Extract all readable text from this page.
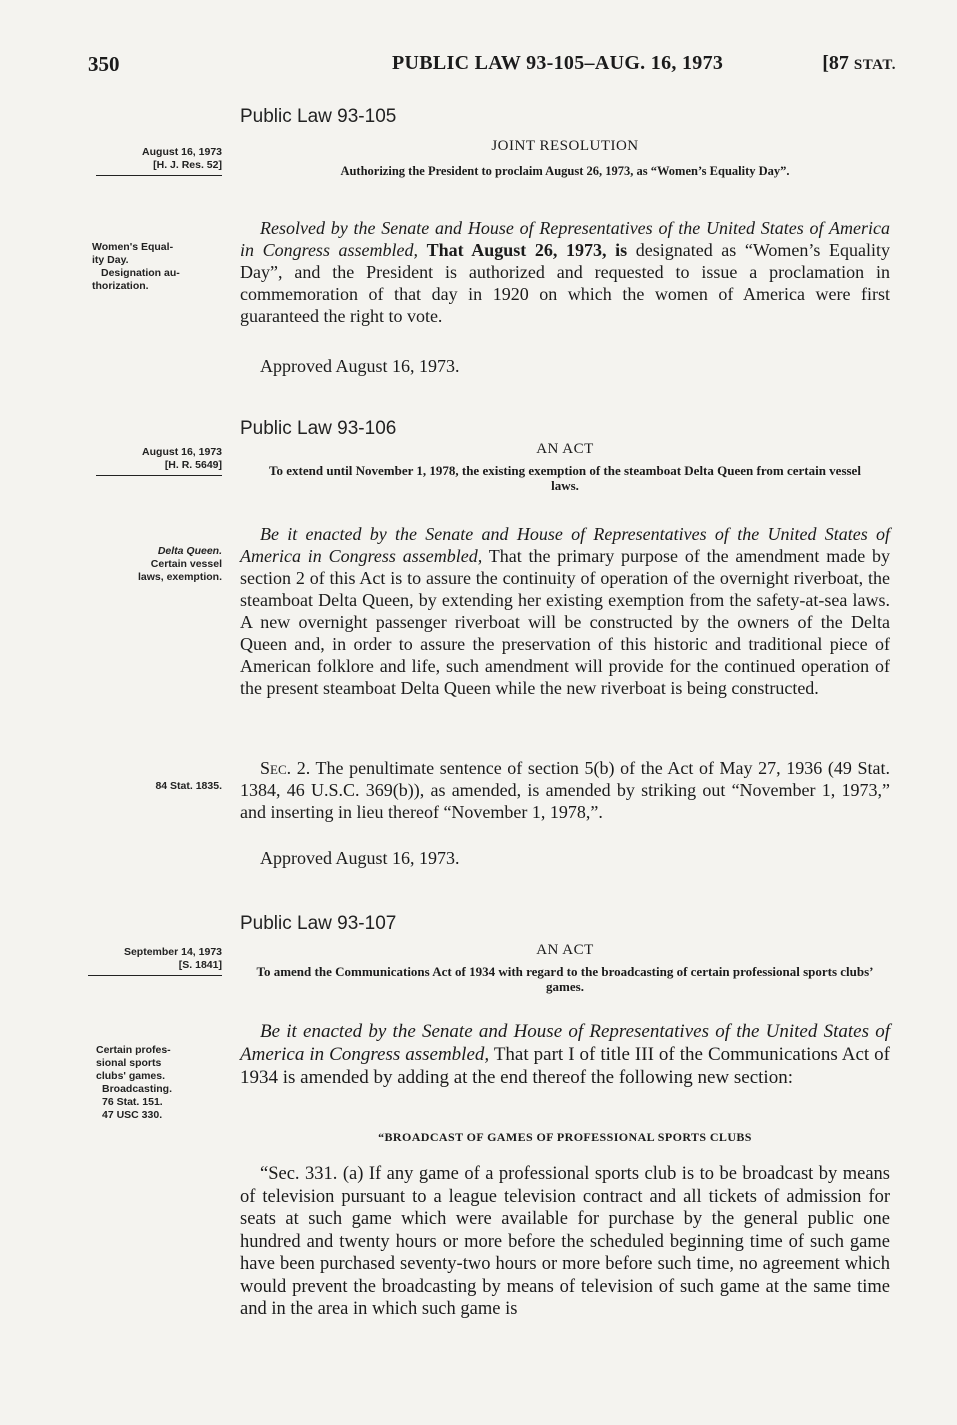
350	PUBLIC LAW 93-105–AUG. 16, 1973	[87 STAT.
Public Law 93-105
August 16, 1973
[H. J. Res. 52]
JOINT RESOLUTION
Authorizing the President to proclaim August 26, 1973, as “Women’s Equality Day”.
Women's Equal-
ity Day.
Designation au-
thorization.
Resolved by the Senate and House of Representatives of the United States of America in Congress assembled, That August 26, 1973, is designated as “Women’s Equality Day”, and the President is authorized and requested to issue a proclamation in commemoration of that day in 1920 on which the women of America were first guaranteed the right to vote.
Approved August 16, 1973.
Public Law 93-106
August 16, 1973
[H. R. 5649]
AN ACT
To extend until November 1, 1978, the existing exemption of the steamboat Delta Queen from certain vessel laws.
Delta Queen.
Certain vessel
laws, exemption.
Be it enacted by the Senate and House of Representatives of the United States of America in Congress assembled, That the primary purpose of the amendment made by section 2 of this Act is to assure the continuity of operation of the overnight riverboat, the steamboat Delta Queen, by extending her existing exemption from the safety-at-sea laws. A new overnight passenger riverboat will be constructed by the owners of the Delta Queen and, in order to assure the preservation of this historic and traditional piece of American folklore and life, such amendment will provide for the continued operation of the present steamboat Delta Queen while the new riverboat is being constructed.
84 Stat. 1835.
Sec. 2. The penultimate sentence of section 5(b) of the Act of May 27, 1936 (49 Stat. 1384, 46 U.S.C. 369(b)), as amended, is amended by striking out “November 1, 1973,” and inserting in lieu thereof “November 1, 1978,”.
Approved August 16, 1973.
Public Law 93-107
September 14, 1973
[S. 1841]
AN ACT
To amend the Communications Act of 1934 with regard to the broadcasting of certain professional sports clubs’ games.
Certain profes-
sional sports
clubs' games.
Broadcasting.
76 Stat. 151.
47 USC 330.
Be it enacted by the Senate and House of Representatives of the United States of America in Congress assembled, That part I of title III of the Communications Act of 1934 is amended by adding at the end thereof the following new section:
“BROADCAST OF GAMES OF PROFESSIONAL SPORTS CLUBS
“Sec. 331. (a) If any game of a professional sports club is to be broadcast by means of television pursuant to a league television contract and all tickets of admission for seats at such game which were available for purchase by the general public one hundred and twenty hours or more before the scheduled beginning time of such game have been purchased seventy-two hours or more before such time, no agreement which would prevent the broadcasting by means of television of such game at the same time and in the area in which such game is
